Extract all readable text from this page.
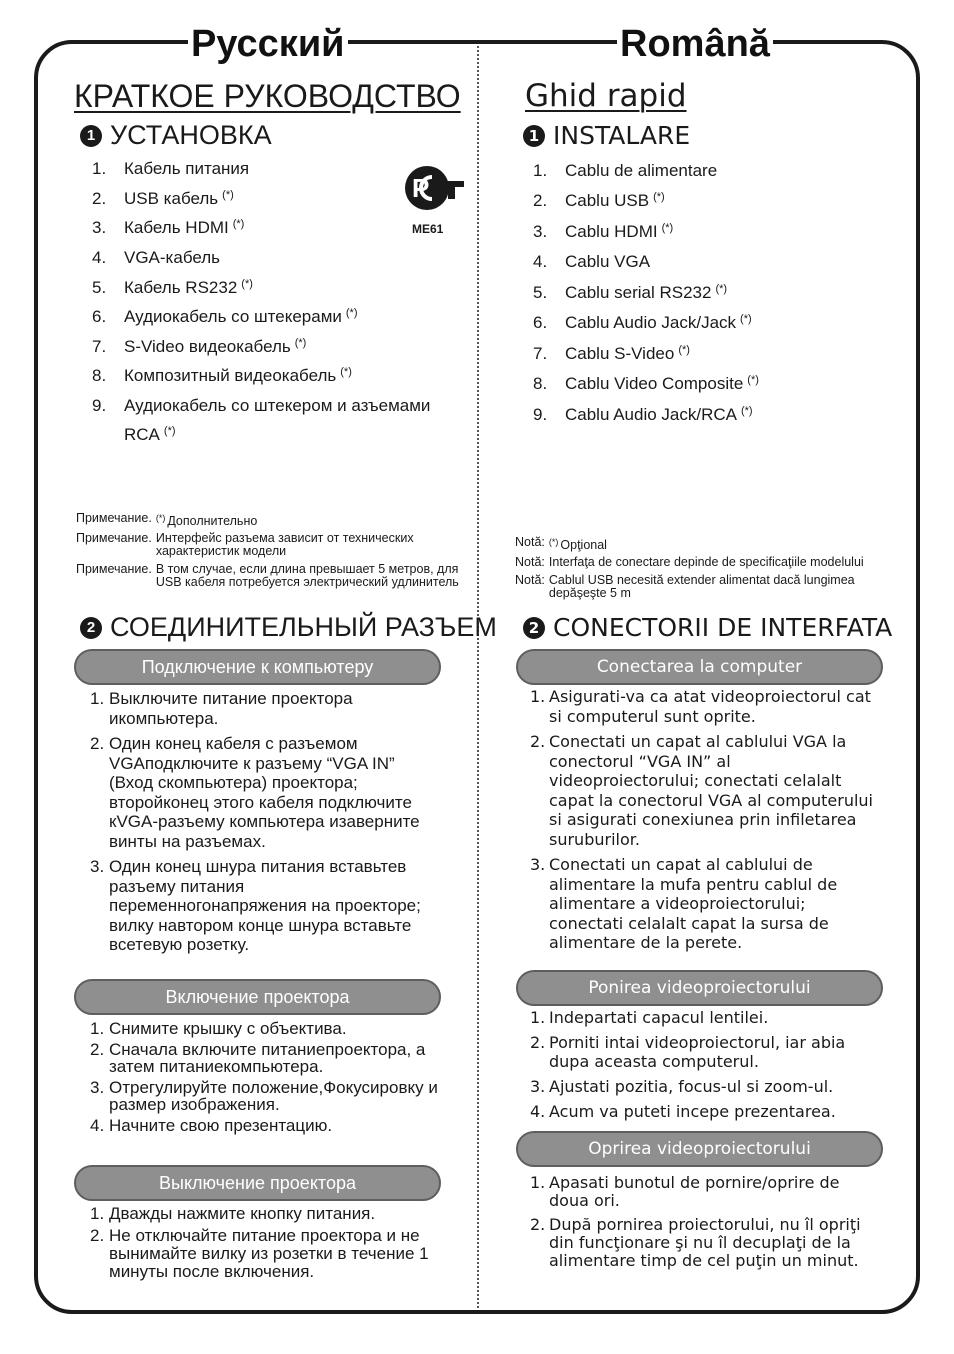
Русский	Română
КРАТКОЕ РУКОВОДСТВО
1 УСТАНОВКА
P
ME61
1. Кабель питания
2. USB кабель (*)
3. Кабель HDMI (*)
4. VGA-кабель
5. Кабель RS232 (*)
6. Аудиокабель со штекерами (*)
7. S-Video видеокабель (*)
8. Композитный видеокабель (*)
9. Аудиокабель со штекером и азъемами
RCA (*)
Примечание. (*) Дополнительно
Примечание. Интерфейс разъема зависит от технических характеристик модели
Примечание. В том случае, если длина превышает 5 метров, для USB кабеля потребуется электрический удлинитель
2 СОЕДИНИТЕЛЬНЫЙ РАЗЪЕМ
Подключение к компьютеру
1. Выключите питание проектора икомпьютера.
2. Один конец кабеля с разъемом VGAподключите к разъему “VGA IN” (Вход скомпьютера) проектора; второйконец этого кабеля подключите кVGA-разъему компьютера изаверните винты на разъемах.
3. Один конец шнура питания вставьтев разъему питания переменногонапряжения на проекторе; вилку навтором конце шнура вставьте всетевую розетку.
Включение проектора
1. Снимите крышку с объектива.
2. Сначала включите питаниепроектора, а затем питаниекомпьютера.
3. Отрегулируйте положение,Фокусировку и размер изображения.
4. Начните свою презентацию.
Выключение проектора
1. Дважды нажмите кнопку питания.
2. Не отключайте питание проектора и не вынимайте вилку из розетки в течение 1 минуты после включения.
Ghid rapid
1 INSTALARE
1. Cablu de alimentare
2. Cablu USB (*)
3. Cablu HDMI (*)
4. Cablu VGA
5. Cablu serial RS232 (*)
6. Cablu Audio Jack/Jack (*)
7. Cablu S-Video (*)
8. Cablu Video Composite (*)
9. Cablu Audio Jack/RCA (*)
Notă: (*) Opţional
Notă: Interfaţa de conectare depinde de specificaţiile modelului
Notă: Cablul USB necesită extender alimentat dacă lungimea depăşeşte 5 m
2 CONECTORII DE INTERFATA
Conectarea la computer
1. Asigurati-va ca atat videoproiectorul cat si computerul sunt oprite.
2. Conectati un capat al cablului VGA la conectorul “VGA IN” al videoproiectorului; conectati celalalt capat la conectorul VGA al computerului si asigurati conexiunea prin infiletarea suruburilor.
3. Conectati un capat al cablului de alimentare la mufa pentru cablul de alimentare a videoproiectorului; conectati celalalt capat la sursa de alimentare de la perete.
Ponirea videoproiectorului
1. Indepartati capacul lentilei.
2. Porniti intai videoproiectorul, iar abia dupa aceasta computerul.
3. Ajustati pozitia, focus-ul si zoom-ul.
4. Acum va puteti incepe prezentarea.
Oprirea videoproiectorului
1. Apasati bunotul de pornire/oprire de doua ori.
2. După pornirea proiectorului, nu îl opriţi din funcţionare şi nu îl decuplaţi de la alimentare timp de cel puţin un minut.
